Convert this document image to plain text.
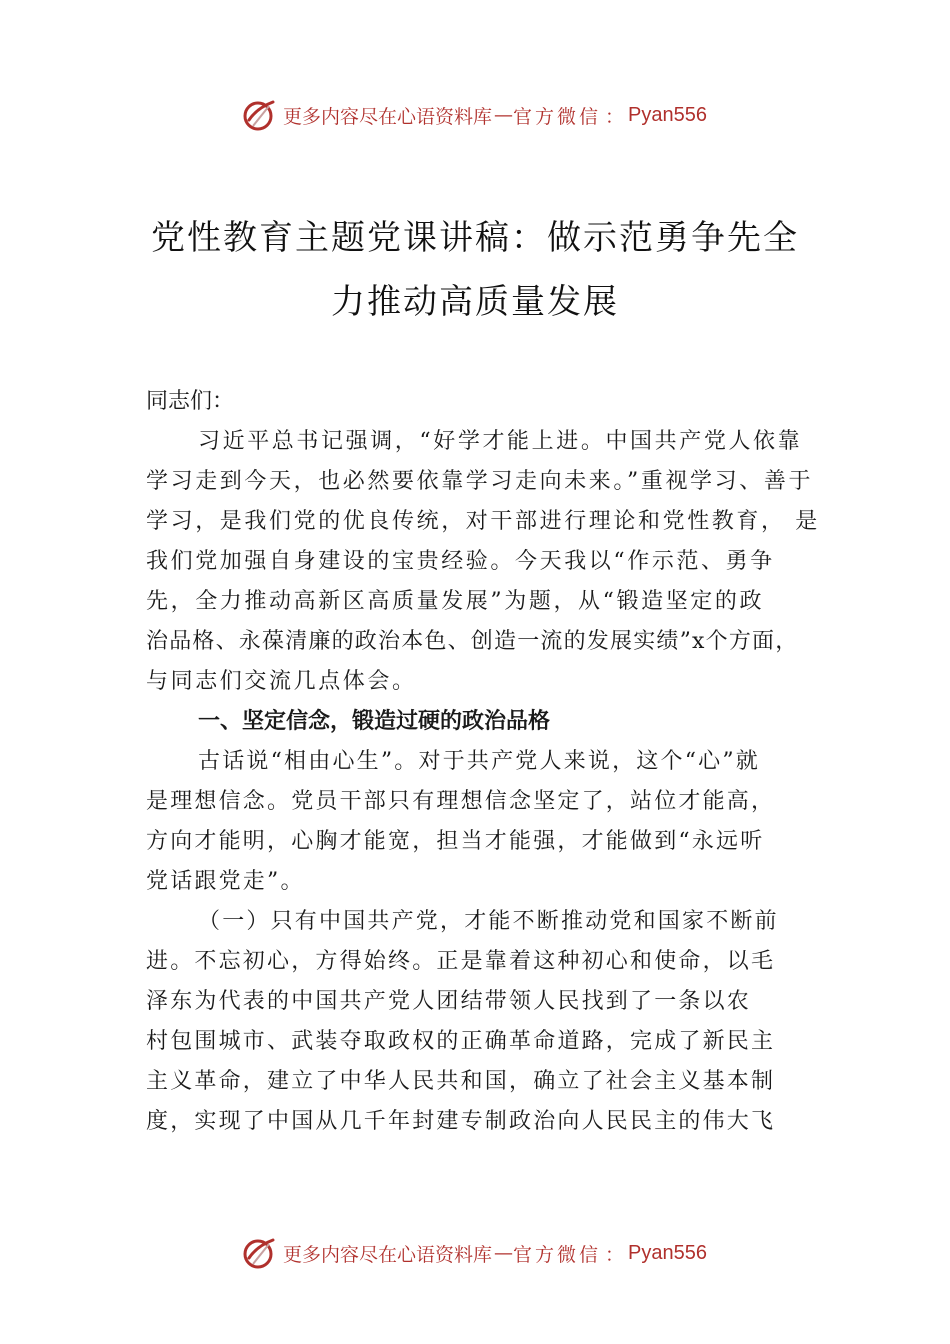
更多内容尽在心语资料库 — 官方微信 ： Pyan556
党性教育主题党课讲稿：做示范勇争先全
力推动高质量发展
同志们：
习近平总书记强调，“好学才能上进。中国共产党人依靠
学习走到今天，也必然要依靠学习走向未来。”重视学习、善于
学习，是我们党的优良传统，对干部进行理论和党性教育， 是
我们党加强自身建设的宝贵经验。今天我以“作示范、勇争
先，全力推动高新区高质量发展”为题，从“锻造坚定的政
治品格、永葆清廉的政治本色、创造一流的发展实绩”x个方面，
与同志们交流几点体会。
一、坚定信念，锻造过硬的政治品格
古话说“相由心生”。对于共产党人来说，这个“心”就
是理想信念。党员干部只有理想信念坚定了，站位才能高，
方向才能明，心胸才能宽，担当才能强，才能做到“永远听
党话跟党走”。
（一）只有中国共产党，才能不断推动党和国家不断前
进。不忘初心，方得始终。正是靠着这种初心和使命，以毛
泽东为代表的中国共产党人团结带领人民找到了一条以农
村包围城市、武装夺取政权的正确革命道路，完成了新民主
主义革命，建立了中华人民共和国，确立了社会主义基本制
度，实现了中国从几千年封建专制政治向人民民主的伟大飞
更多内容尽在心语资料库 — 官方微信 ： Pyan556
